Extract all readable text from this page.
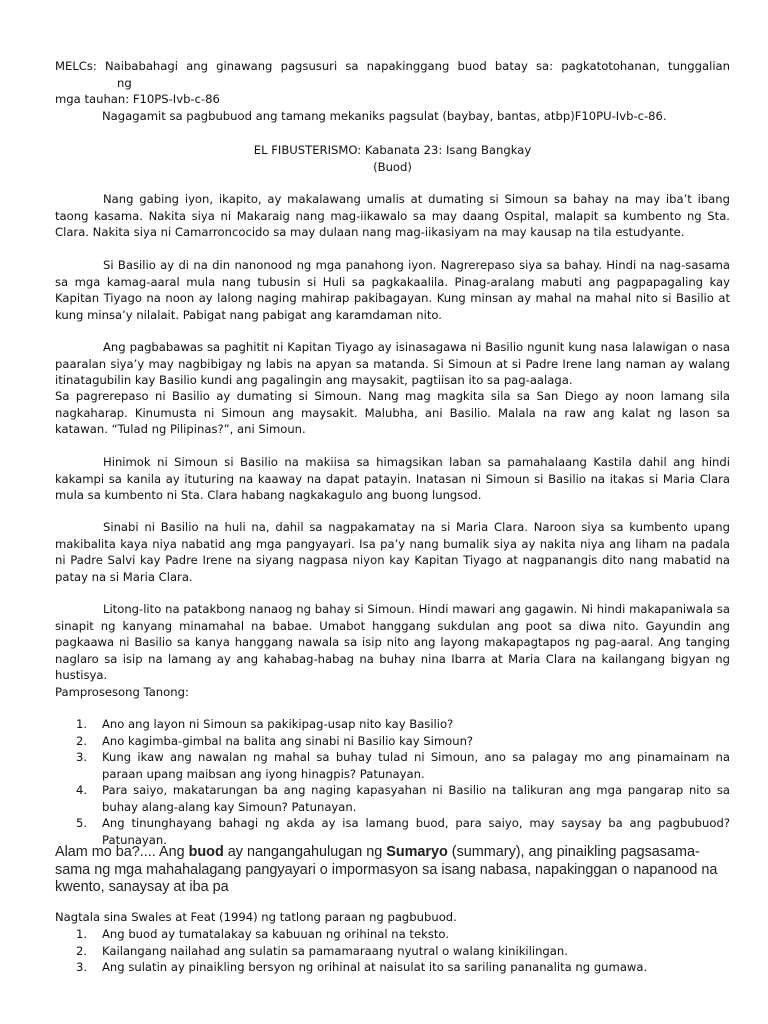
MELCs: Naibabahagi ang ginawang pagsusuri sa napakinggang buod batay sa: pagkatotohanan, tunggalianng
mga tauhan: F10PS-Ivb-c-86
Nagagamit sa pagbubuod ang tamang mekaniks pagsulat (baybay, bantas, atbp)F10PU-Ivb-c-86.
EL FIBUSTERISMO: Kabanata 23: Isang Bangkay
(Buod)

Nang gabing iyon, ikapito, ay makalawang umalis at dumating si Simoun sa bahay na may iba’t ibang taong kasama. Nakita siya ni Makaraig nang mag-iikawalo sa may daang Ospital, malapit sa kumbento ng Sta. Clara. Nakita siya ni Camarroncocido sa may dulaan nang mag-iikasiyam na may kausap na tila estudyante.

Si Basilio ay di na din nanonood ng mga panahong iyon. Nagrerepaso siya sa bahay. Hindi na nag-sasama sa mga kamag-aaral mula nang tubusin si Huli sa pagkakaalila. Pinag-aralang mabuti ang pagpapagaling kay Kapitan Tiyago na noon ay lalong naging mahirap pakibagayan. Kung minsan ay mahal na mahal nito si Basilio at kung minsa’y nilalait. Pabigat nang pabigat ang karamdaman nito.

Ang pagbabawas sa paghitit ni Kapitan Tiyago ay isinasagawa ni Basilio ngunit kung nasa lalawigan o nasa paaralan siya’y may nagbibigay ng labis na apyan sa matanda. Si Simoun at si Padre Irene lang naman ay walang itinatagubilin kay Basilio kundi ang pagalingin ang maysakit, pagtiisan ito sa pag-aalaga.

Sa pagrerepaso ni Basilio ay dumating si Simoun. Nang mag magkita sila sa San Diego ay noon lamang sila nagkaharap. Kinumusta ni Simoun ang maysakit. Malubha, ani Basilio. Malala na raw ang kalat ng lason sa katawan. “Tulad ng Pilipinas?”, ani Simoun.

Hinimok ni Simoun si Basilio na makiisa sa himagsikan laban sa pamahalaang Kastila dahil ang hindi kakampi sa kanila ay ituturing na kaaway na dapat patayin. Inatasan ni Simoun si Basilio na itakas si Maria Clara mula sa kumbento ni Sta. Clara habang nagkakagulo ang buong lungsod.

Sinabi ni Basilio na huli na, dahil sa nagpakamatay na si Maria Clara. Naroon siya sa kumbento upang makibalita kaya niya nabatid ang mga pangyayari. Isa pa’y nang bumalik siya ay nakita niya ang liham na padala ni Padre Salvi kay Padre Irene na siyang nagpasa niyon kay Kapitan Tiyago at nagpanangis dito nang mabatid na patay na si Maria Clara.

Litong-lito na patakbong nanaog ng bahay si Simoun. Hindi mawari ang gagawin. Ni hindi makapaniwala sa sinapit ng kanyang minamahal na babae. Umabot hanggang sukdulan ang poot sa diwa nito. Gayundin ang pagkaawa ni Basilio sa kanya hanggang nawala sa isip nito ang layong makapagtapos ng pag-aaral. Ang tanging naglaro sa isip na lamang ay ang kahabag-habag na buhay nina Ibarra at Maria Clara na kailangang bigyan ng hustisya.

Pamprosesong Tanong:
1. Ano ang layon ni Simoun sa pakikipag-usap nito kay Basilio?
2. Ano kagimba-gimbal na balita ang sinabi ni Basilio kay Simoun?
3. Kung ikaw ang nawalan ng mahal sa buhay tulad ni Simoun, ano sa palagay mo ang pinamainam na paraan upang maibsan ang iyong hinagpis? Patunayan.
4. Para saiyo, makatarungan ba ang naging kapasyahan ni Basilio na talikuran ang mga pangarap nito sa buhay alang-alang kay Simoun? Patunayan.
5. Ang tinunghayang bahagi ng akda ay isa lamang buod, para saiyo, may saysay ba ang pagbubuod? Patunayan.

Alam mo ba?.... Ang buod ay nangangahulugan ng Sumaryo (summary), ang pinaikling pagsasama-sama ng mga mahahalagang pangyayari o impormasyon sa isang nabasa, napakinggan o napanood na kwento, sanaysay at iba pa

Nagtala sina Swales at Feat (1994) ng tatlong paraan ng pagbubuod.
1. Ang buod ay tumatalakay sa kabuuan ng orihinal na teksto.
2. Kailangang nailahad ang sulatin sa pamamaraang nyutral o walang kinikilingan.
3. Ang sulatin ay pinaikling bersyon ng orihinal at naisulat ito sa sariling pananalita ng gumawa.
